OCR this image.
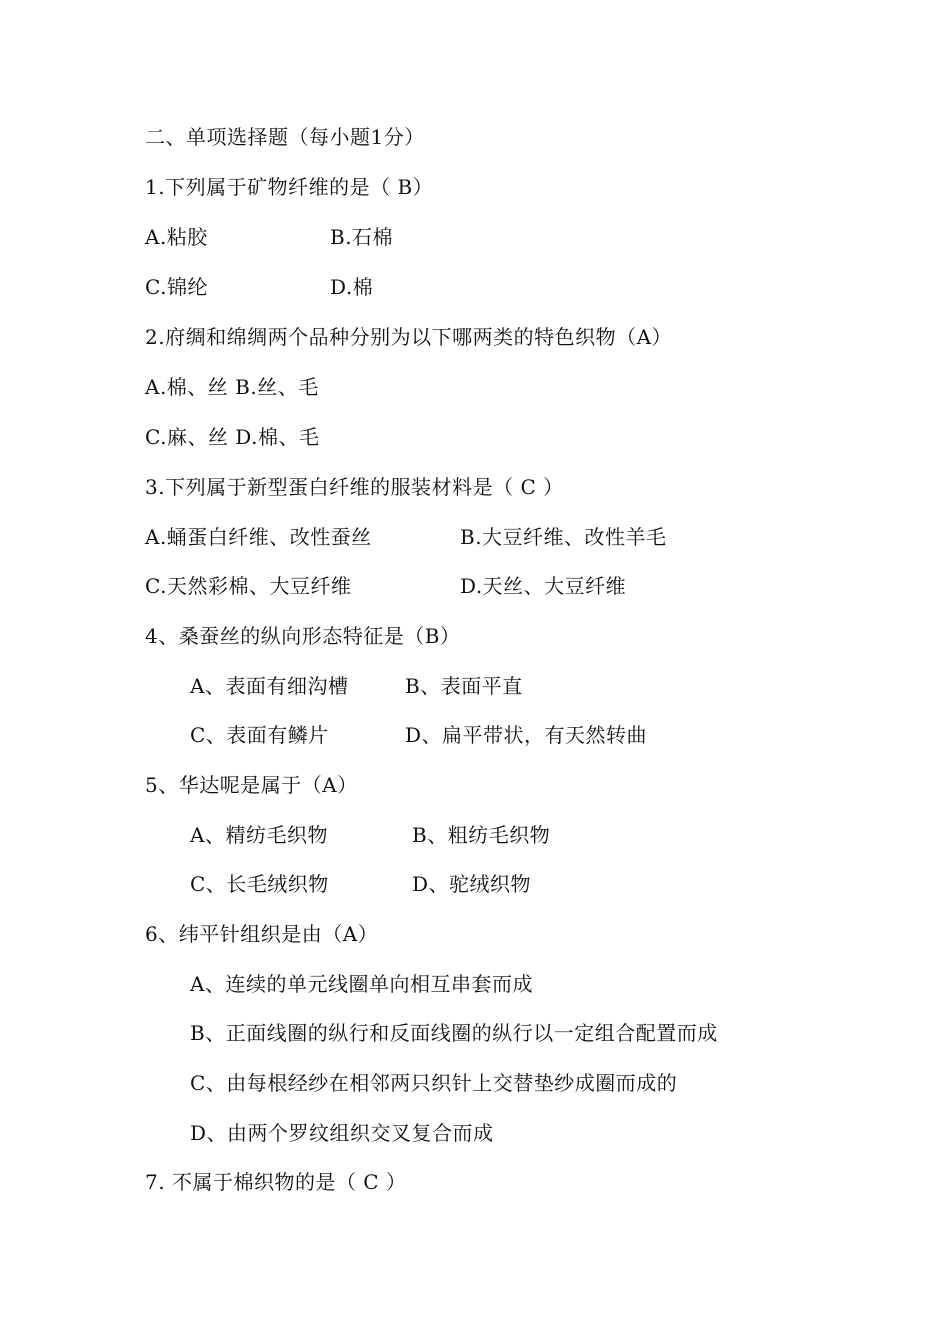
二、单项选择题（每小题1分）
1.下列属于矿物纤维的是（ B）
A.粘胶	B.石棉
C.锦纶	D.棉
2.府绸和绵绸两个品种分别为以下哪两类的特色织物（A）
A.棉、丝 B.丝、毛
C.麻、丝 D.棉、毛
3.下列属于新型蛋白纤维的服装材料是（ C ）
A.蛹蛋白纤维、改性蚕丝	B.大豆纤维、改性羊毛
C.天然彩棉、大豆纤维	D.天丝、大豆纤维
4、桑蚕丝的纵向形态特征是（B）
A、表面有细沟槽	B、表面平直
C、表面有鳞片	D、扁平带状，有天然转曲
5、华达呢是属于（A）
A、精纺毛织物	B、粗纺毛织物
C、长毛绒织物	D、驼绒织物
6、纬平针组织是由（A）
A、连续的单元线圈单向相互串套而成
B、正面线圈的纵行和反面线圈的纵行以一定组合配置而成
C、由每根经纱在相邻两只织针上交替垫纱成圈而成的
D、由两个罗纹组织交叉复合而成
7. 不属于棉织物的是（ C ）
